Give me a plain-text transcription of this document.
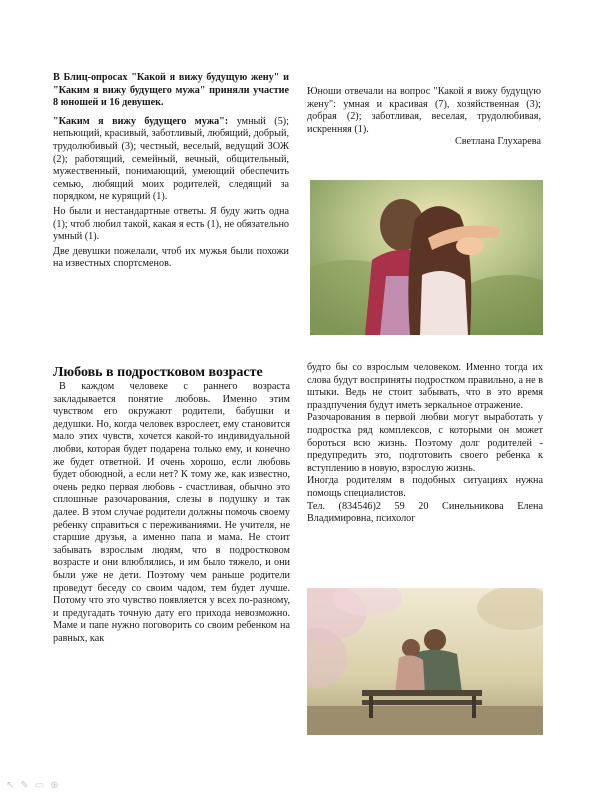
В Блиц-опросах "Какой я вижу будущую жену" и "Каким я вижу будущего мужа" приняли участие 8 юношей и 16 девушек.

"Каким я вижу будущего мужа": умный (5); непьющий, красивый, заботливый, любящий, добрый, трудолюбивый (3); честный, веселый, ведущий ЗОЖ (2); работящий, семейный, вечный, общительный, мужественный, понимающий, умеющий обеспечить семью, любящий моих родителей, следящий за порядком, не курящий (1).

Но были и нестандартные ответы. Я буду жить одна (1); чтоб любил такой, какая я есть (1), не обязательно умный (1).

Две девушки пожелали, чтоб их мужья были похожи на известных спортсменов.

Юноши отвечали на вопрос "Какой я вижу будущую жену": умная и красивая (7), хозяйственная (3); добрая (2); заботливая, веселая, трудолюбивая, искренняя (1).

Светлана Глухарева

Любовь в подростковом возрасте

В каждом человеке с раннего возраста закладывается понятие любовь. Именно этим чувством его окружают родители, бабушки и дедушки. Но, когда человек взрослеет, ему становится мало этих чувств, хочется какой-то индивидуальной любви, которая будет подарена только ему, и конечно же будет ответной. И очень хорошо, если любовь будет обоюдной, а если нет? К тому же, как известно, очень редко первая любовь - счастливая, обычно это сплошные разочарования, слезы в подушку и так далее. В этом случае родители должны помочь своему ребенку справиться с переживаниями. Не учителя, не старшие друзья, а именно папа и мама. Не стоит забывать взрослым людям, что в подростковом возрасте и они влюблялись, и им было тяжело, и они были уже не дети. Поэтому чем раньше родители проведут беседу со своим чадом, тем будет лучше. Потому что это чувство появляется у всех по-разному, и предугадать точную дату его прихода невозможно. Маме и папе нужно поговорить со своим ребенком на равных, как

будто бы со взрослым человеком. Именно тогда их слова будут восприняты подростком правильно, а не в штыки. Ведь не стоит забывать, что в это время праздпучения будут иметь зеркальное отражение.

Разочарования в первой любви могут выработать у подростка ряд комплексов, с которыми он может бороться всю жизнь. Поэтому долг родителей - предупредить это, подготовить своего ребенка к вступлению в новую, взрослую жизнь.

Иногда родителям в подобных ситуациях нужна помощь специалистов.

Тел. (834546)2 59 20 Синельникова Елена Владимировна, психолог

↖ ✎ ▭ ⊕
